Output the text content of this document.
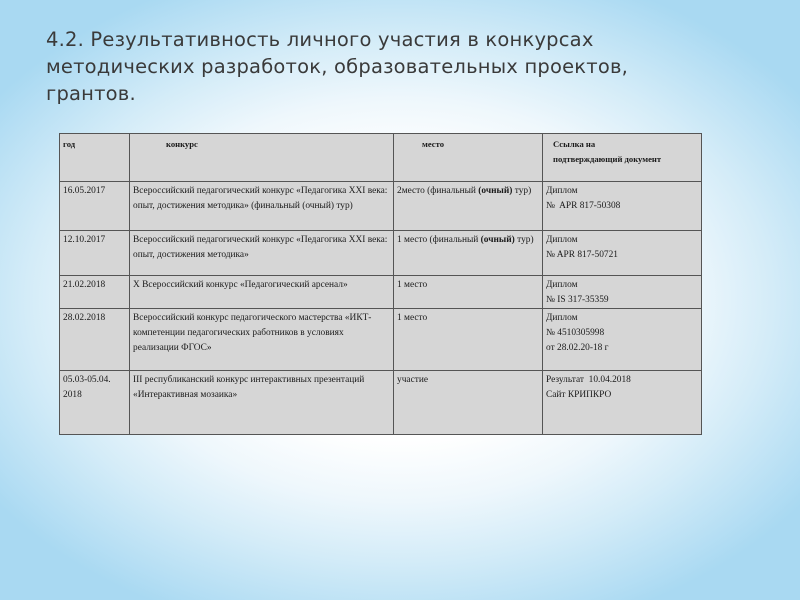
4.2. Результативность личного участия в конкурсах
методических разработок, образовательных проектов,
грантов.
год	конкурс	место	Ссылка на
подтверждающий документ

16.05.2017	Всероссийский педагогический конкурс «Педагогика XXI века: опыт, достижения методика» (финальный (очный) тур)	2место (финальный (очный) тур)	Диплом
№  APR 817-50308

12.10.2017	Всероссийский педагогический конкурс «Педагогика XXI века: опыт, достижения методика»	1 место (финальный (очный) тур)	Диплом
№ APR 817-50721

21.02.2018	X Всероссийский конкурс «Педагогический арсенал»	1 место	Диплом
№ IS 317-35359

28.02.2018	Всероссийский конкурс педагогического мастерства «ИКТ- компетенции педагогических работников в условиях реализации ФГОС»	1 место	Диплом
№ 4510305998
от 28.02.20-18 г

05.03-05.04. 2018	III республиканский конкурс интерактивных презентаций «Интерактивная мозаика»	участие	Результат  10.04.2018
Сайт КРИПКРО
